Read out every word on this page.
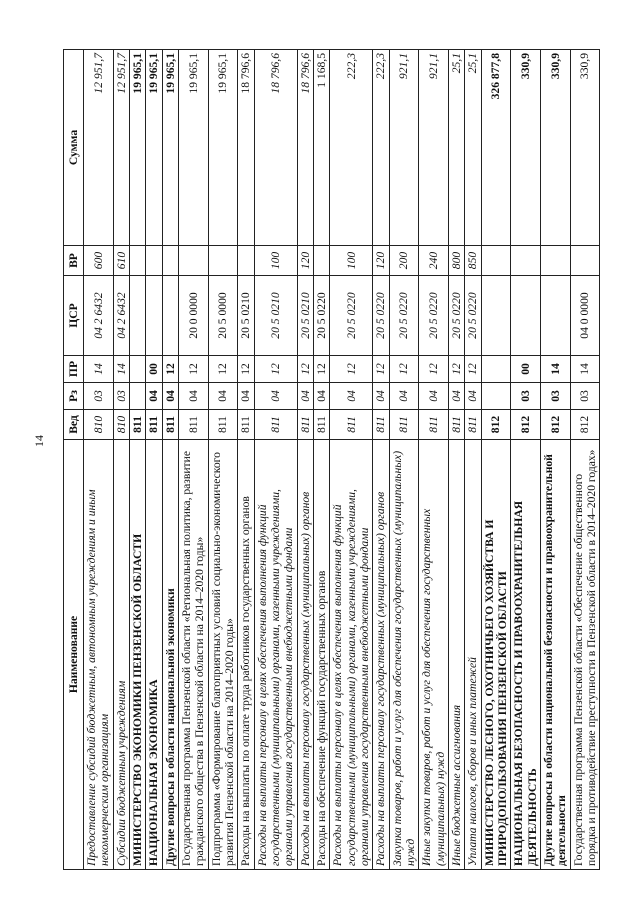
14
Наименование	Вед	Рз	ПР	ЦСР	ВР	Сумма
Предоставление субсидий бюджетным, автономным учреждениям и иным некоммерческим организациям	810	03	14	04 2 6432	600	12 951,7
Субсидии бюджетным учреждениям	810	03	14	04 2 6432	610	12 951,7
МИНИСТЕРСТВО ЭКОНОМИКИ ПЕНЗЕНСКОЙ ОБЛАСТИ	811					19 965,1
НАЦИОНАЛЬНАЯ ЭКОНОМИКА	811	04	00			19 965,1
Другие вопросы в области национальной экономики	811	04	12			19 965,1
Государственная программа Пензенской области «Региональная политика, развитие гражданского общества в Пензенской области на 2014–2020 годы»	811	04	12	20 0 0000		19 965,1
Подпрограмма «Формирование благоприятных условий социально-экономического развития Пензенской области на 2014–2020 годы»	811	04	12	20 5 0000		19 965,1
Расходы на выплаты по оплате труда работников государственных органов	811	04	12	20 5 0210		18 796,6
Расходы на выплаты персоналу в целях обеспечения выполнения функций государственными (муниципальными) органами, казенными учреждениями, органами управления государственными внебюджетными фондами	811	04	12	20 5 0210	100	18 796,6
Расходы на выплаты персоналу государственных (муниципальных) органов	811	04	12	20 5 0210	120	18 796,6
Расходы на обеспечение функций государственных органов	811	04	12	20 5 0220		1 168,5
Расходы на выплаты персоналу в целях обеспечения выполнения функций государственными (муниципальными) органами, казенными учреждениями, органами управления государственными внебюджетными фондами	811	04	12	20 5 0220	100	222,3
Расходы на выплаты персоналу государственных (муниципальных) органов	811	04	12	20 5 0220	120	222,3
Закупка товаров, работ и услуг для обеспечения государственных (муниципальных) нужд	811	04	12	20 5 0220	200	921,1
Иные закупки товаров, работ и услуг для обеспечения государственных (муниципальных) нужд	811	04	12	20 5 0220	240	921,1
Иные бюджетные ассигнования	811	04	12	20 5 0220	800	25,1
Уплата налогов, сборов и иных платежей	811	04	12	20 5 0220	850	25,1
МИНИСТЕРСТВО ЛЕСНОГО, ОХОТНИЧЬЕГО ХОЗЯЙСТВА И ПРИРОДОПОЛЬЗОВАНИЯ ПЕНЗЕНСКОЙ ОБЛАСТИ	812					326 877,8
НАЦИОНАЛЬНАЯ БЕЗОПАСНОСТЬ И ПРАВООХРАНИТЕЛЬНАЯ ДЕЯТЕЛЬНОСТЬ	812	03	00			330,9
Другие вопросы в области национальной безопасности и правоохранительной деятельности	812	03	14			330,9
Государственная программа Пензенской области «Обеспечение общественного порядка и противодействие преступности в Пензенской области в 2014–2020 годах»	812	03	14	04 0 0000		330,9
